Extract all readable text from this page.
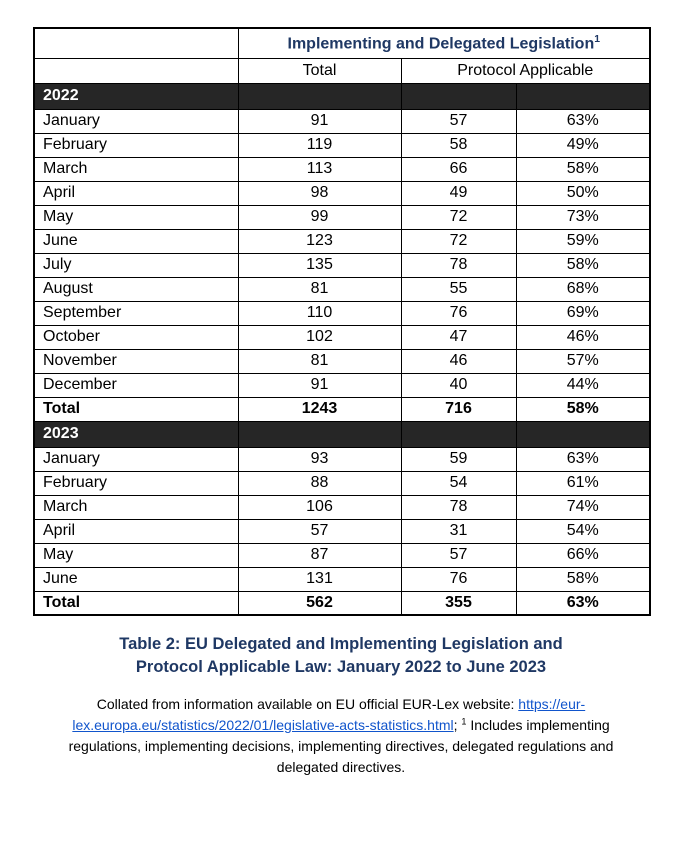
	Implementing and Delegated Legislation$^1$
	Total	Protocol Applicable	
2022			
January	91	57	63%
February	119	58	49%
March	113	66	58%
April	98	49	50%
May	99	72	73%
June	123	72	59%
July	135	78	58%
August	81	55	68%
September	110	76	69%
October	102	47	46%
November	81	46	57%
December	91	40	44%
Total	1243	716	58%
2023			
January	93	59	63%
February	88	54	61%
March	106	78	74%
April	57	31	54%
May	87	57	66%
June	131	76	58%
Total	562	355	63%
Table 2: EU Delegated and Implementing Legislation and
Protocol Applicable Law: January 2022 to June 2023
Collated from information available on EU official EUR-Lex website: https://eur-lex.europa.eu/statistics/2022/01/legislative-acts-statistics.html; $^1$ Includes implementing regulations, implementing decisions, implementing directives, delegated regulations and delegated directives.
